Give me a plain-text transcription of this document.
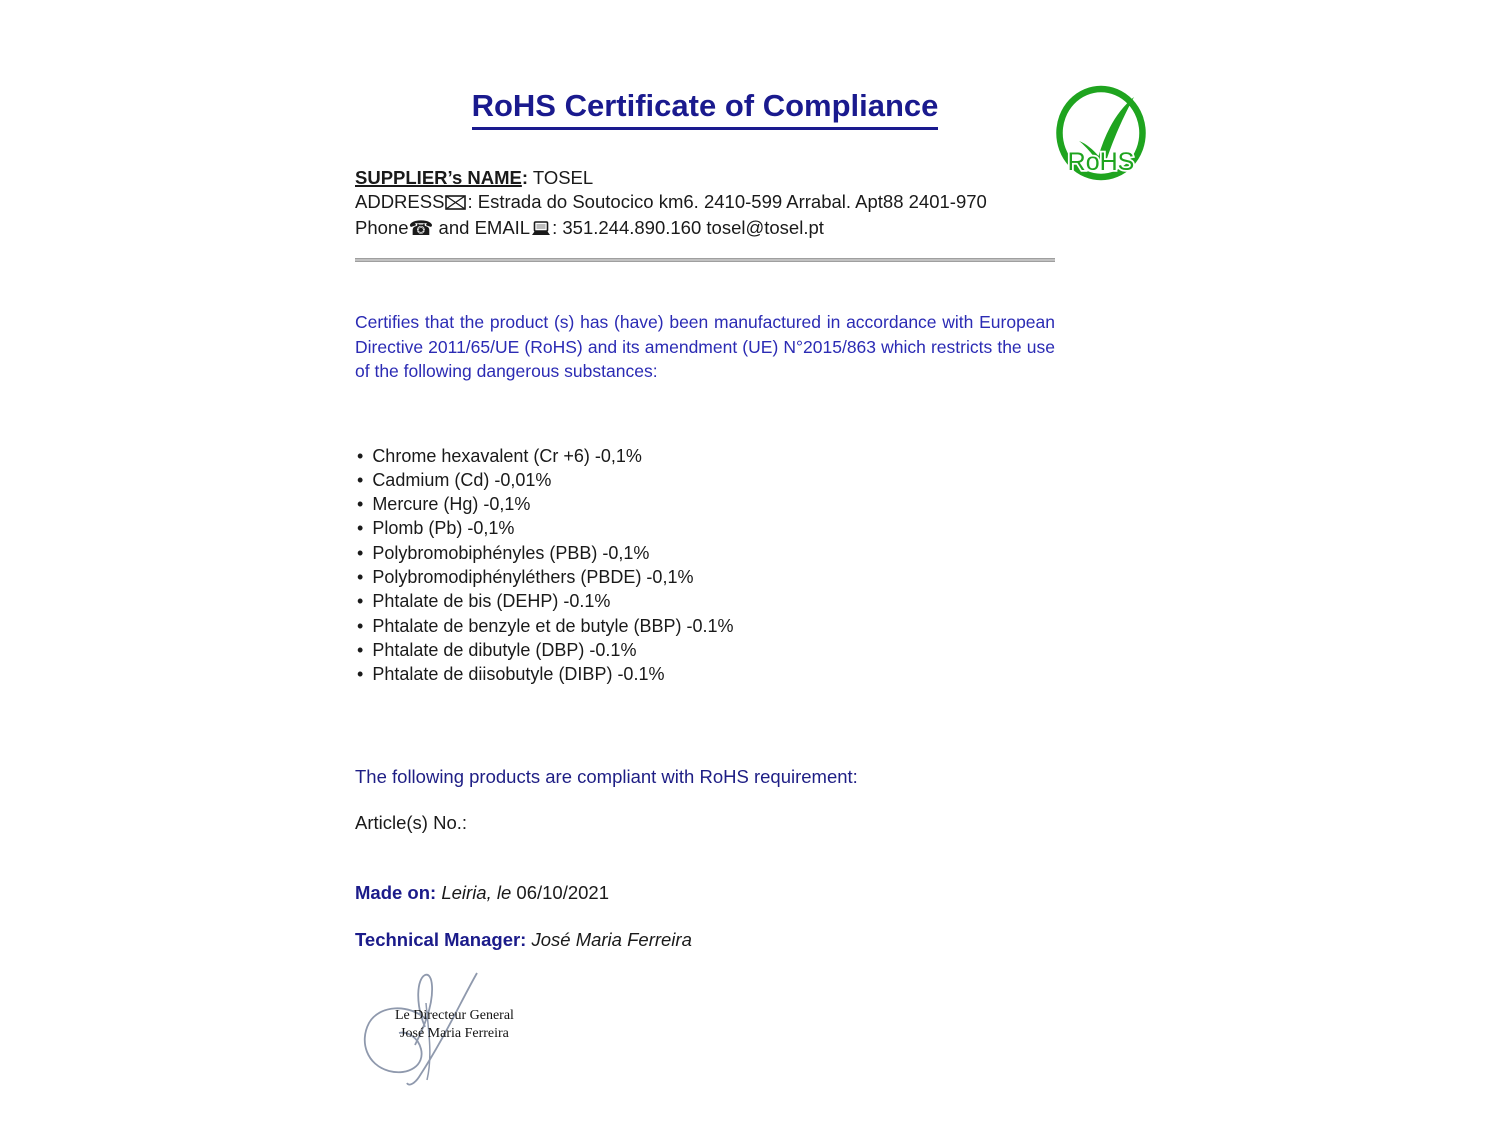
RoHS
RoHS Certificate of Compliance
SUPPLIER’s NAME: TOSEL
ADDRESS : Estrada do Soutocico km6. 2410-599 Arrabal. Apt88 2401-970
Phone☎ and EMAIL : 351.244.890.160 tosel@tosel.pt

Certifies that the product (s) has (have) been manufactured in accordance with European Directive 2011/65/UE (RoHS) and its amendment (UE) N°2015/863 which restricts the use of the following dangerous substances:

• Chrome hexavalent (Cr +6) -0,1%
• Cadmium (Cd) -0,01%
• Mercure (Hg) -0,1%
• Plomb (Pb) -0,1%
• Polybromobiphényles (PBB) -0,1%
• Polybromodiphényléthers (PBDE) -0,1%
• Phtalate de bis (DEHP) -0.1%
• Phtalate de benzyle et de butyle (BBP) -0.1%
• Phtalate de dibutyle (DBP) -0.1%
• Phtalate de diisobutyle (DIBP) -0.1%
The following products are compliant with RoHS requirement:
Article(s) No.:
Made on: Leiria, le 06/10/2021
Technical Manager: José Maria Ferreira
Le Directeur General
José Maria Ferreira
